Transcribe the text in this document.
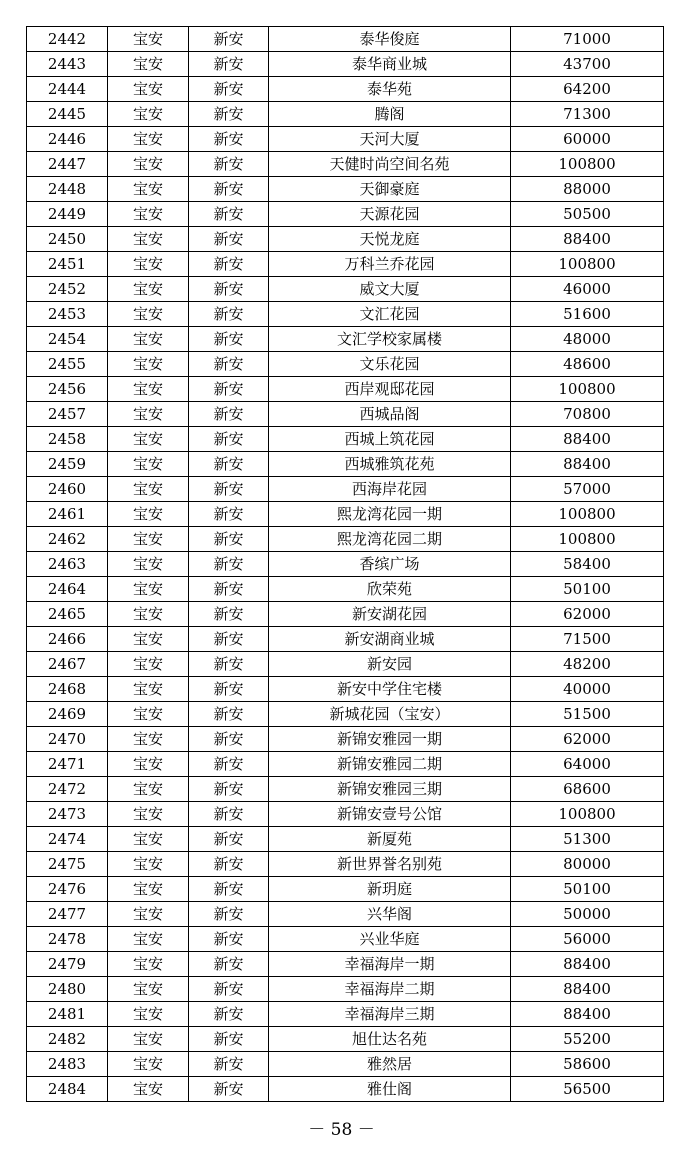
2442	宝安	新安	泰华俊庭	71000
2443	宝安	新安	泰华商业城	43700
2444	宝安	新安	泰华苑	64200
2445	宝安	新安	腾阁	71300
2446	宝安	新安	天河大厦	60000
2447	宝安	新安	天健时尚空间名苑	100800
2448	宝安	新安	天御豪庭	88000
2449	宝安	新安	天源花园	50500
2450	宝安	新安	天悦龙庭	88400
2451	宝安	新安	万科兰乔花园	100800
2452	宝安	新安	威文大厦	46000
2453	宝安	新安	文汇花园	51600
2454	宝安	新安	文汇学校家属楼	48000
2455	宝安	新安	文乐花园	48600
2456	宝安	新安	西岸观邸花园	100800
2457	宝安	新安	西城品阁	70800
2458	宝安	新安	西城上筑花园	88400
2459	宝安	新安	西城雅筑花苑	88400
2460	宝安	新安	西海岸花园	57000
2461	宝安	新安	熙龙湾花园一期	100800
2462	宝安	新安	熙龙湾花园二期	100800
2463	宝安	新安	香缤广场	58400
2464	宝安	新安	欣荣苑	50100
2465	宝安	新安	新安湖花园	62000
2466	宝安	新安	新安湖商业城	71500
2467	宝安	新安	新安园	48200
2468	宝安	新安	新安中学住宅楼	40000
2469	宝安	新安	新城花园（宝安）	51500
2470	宝安	新安	新锦安雅园一期	62000
2471	宝安	新安	新锦安雅园二期	64000
2472	宝安	新安	新锦安雅园三期	68600
2473	宝安	新安	新锦安壹号公馆	100800
2474	宝安	新安	新厦苑	51300
2475	宝安	新安	新世界誉名别苑	80000
2476	宝安	新安	新玥庭	50100
2477	宝安	新安	兴华阁	50000
2478	宝安	新安	兴业华庭	56000
2479	宝安	新安	幸福海岸一期	88400
2480	宝安	新安	幸福海岸二期	88400
2481	宝安	新安	幸福海岸三期	88400
2482	宝安	新安	旭仕达名苑	55200
2483	宝安	新安	雅然居	58600
2484	宝安	新安	雅仕阁	56500
－ 58 －
